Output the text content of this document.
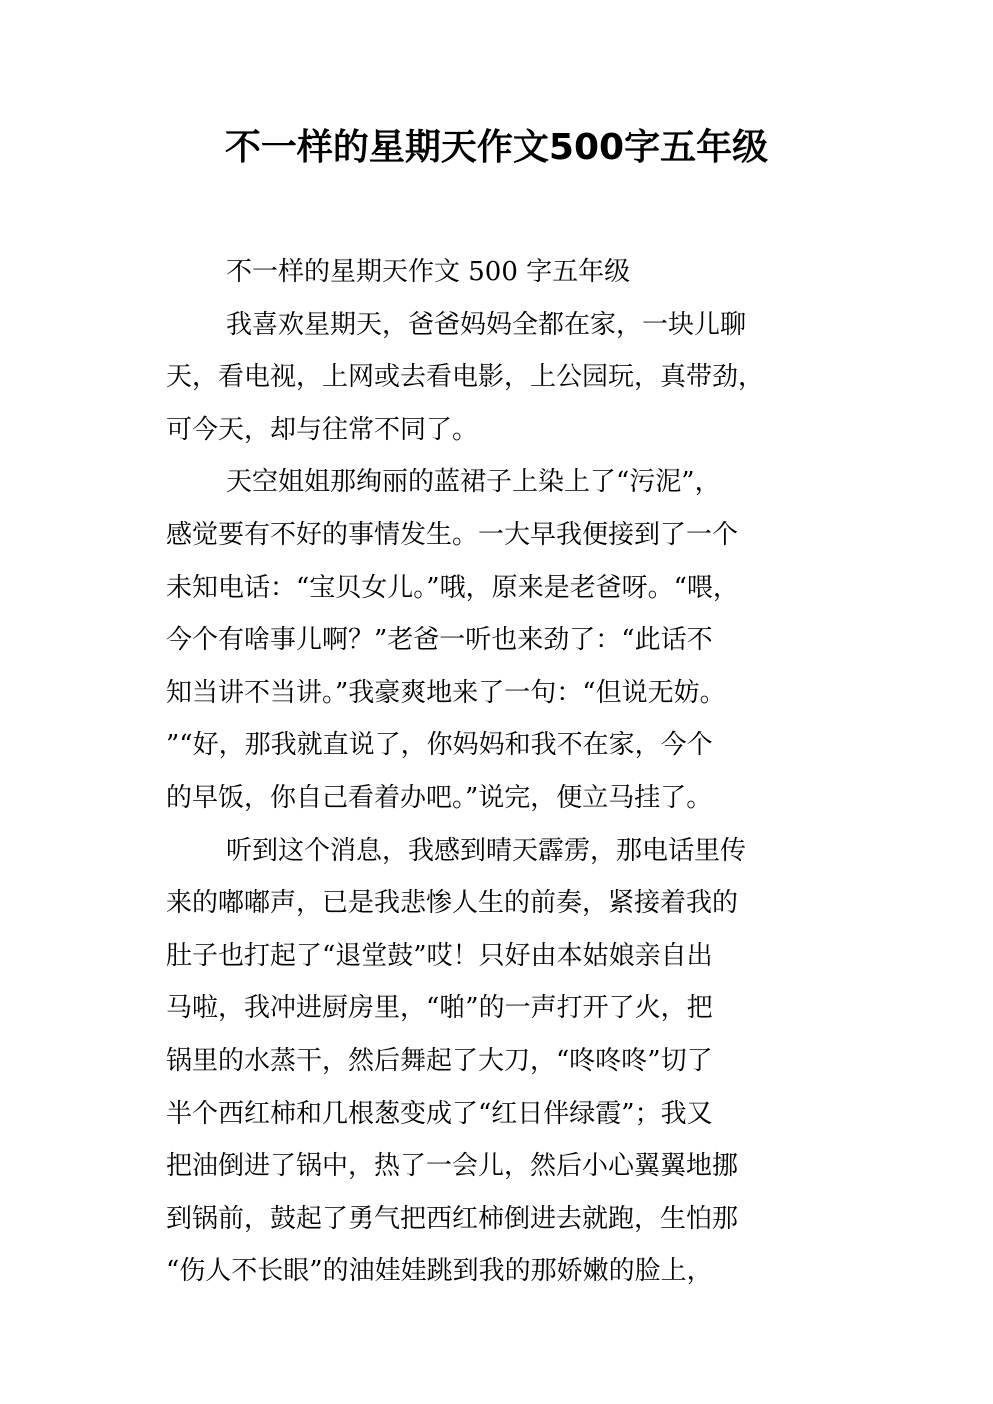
不一样的星期天作文500字五年级
不一样的星期天作文 500 字五年级
我喜欢星期天，爸爸妈妈全都在家，一块儿聊
天，看电视，上网或去看电影，上公园玩，真带劲，
可今天，却与往常不同了。
天空姐姐那绚丽的蓝裙子上染上了“污泥”，
感觉要有不好的事情发生。一大早我便接到了一个
未知电话：“宝贝女儿。”哦，原来是老爸呀。“喂，
今个有啥事儿啊？”老爸一听也来劲了：“此话不
知当讲不当讲。”我豪爽地来了一句：“但说无妨。
”“好，那我就直说了，你妈妈和我不在家，今个
的早饭，你自己看着办吧。”说完，便立马挂了。
听到这个消息，我感到晴天霹雳，那电话里传
来的嘟嘟声，已是我悲惨人生的前奏，紧接着我的
肚子也打起了“退堂鼓”哎！只好由本姑娘亲自出
马啦，我冲进厨房里，“啪”的一声打开了火，把
锅里的水蒸干，然后舞起了大刀，“咚咚咚”切了
半个西红柿和几根葱变成了“红日伴绿霞”；我又
把油倒进了锅中，热了一会儿，然后小心翼翼地挪
到锅前，鼓起了勇气把西红柿倒进去就跑，生怕那
“伤人不长眼”的油娃娃跳到我的那娇嫩的脸上，
